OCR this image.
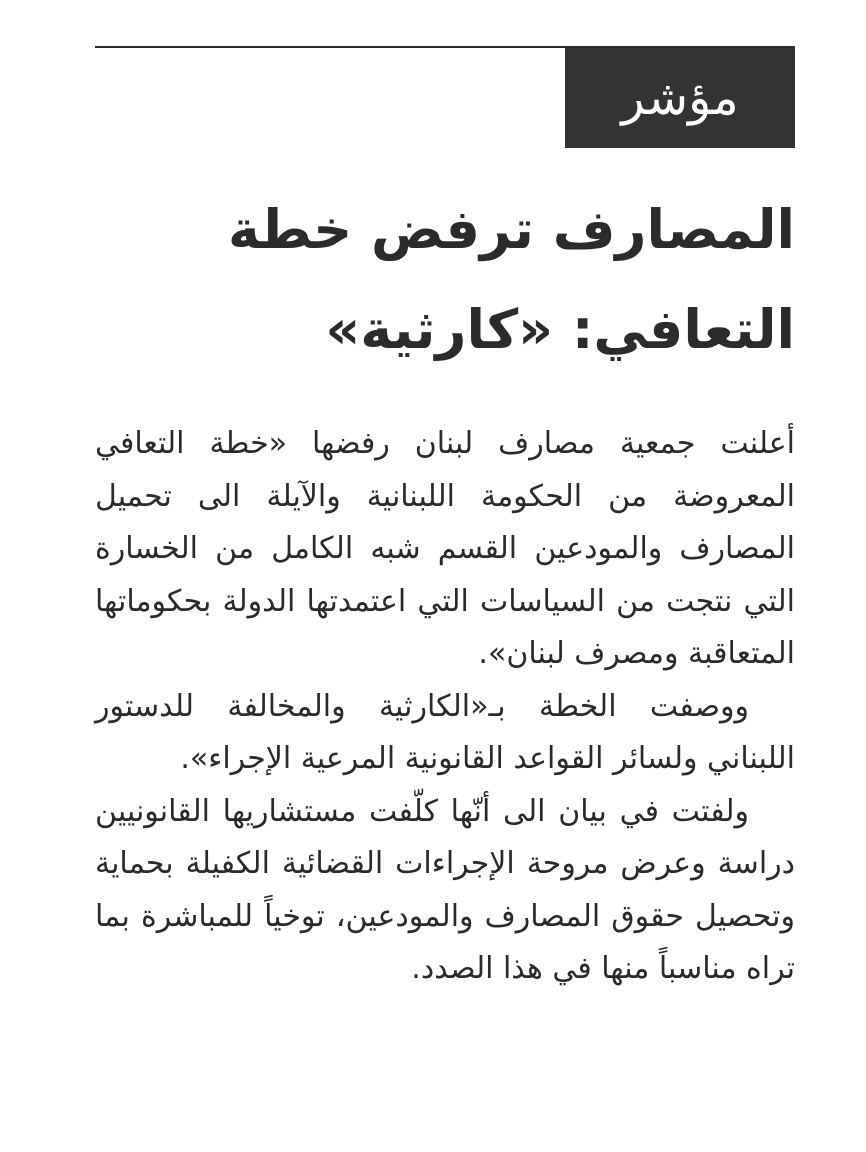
مؤشر
المصارف ترفض خطة
التعافي: «كارثية»

أعلنت جمعية مصارف لبنان رفضها «خطة التعافي المعروضة من الحكومة اللبنانية والآيلة الى تحميل المصارف والمودعين القسم شبه الكامل من الخسارة التي نتجت من السياسات التي اعتمدتها الدولة بحكوماتها المتعاقبة ومصرف لبنان».

ووصفت الخطة بـ«الكارثية والمخالفة للدستور اللبناني ولسائر القواعد القانونية المرعية الإجراء».

ولفتت في بيان الى أنّها كلّفت مستشاريها القانونيين دراسة وعرض مروحة الإجراءات القضائية الكفيلة بحماية وتحصيل حقوق المصارف والمودعين، توخياً للمباشرة بما تراه مناسباً منها في هذا الصدد.
